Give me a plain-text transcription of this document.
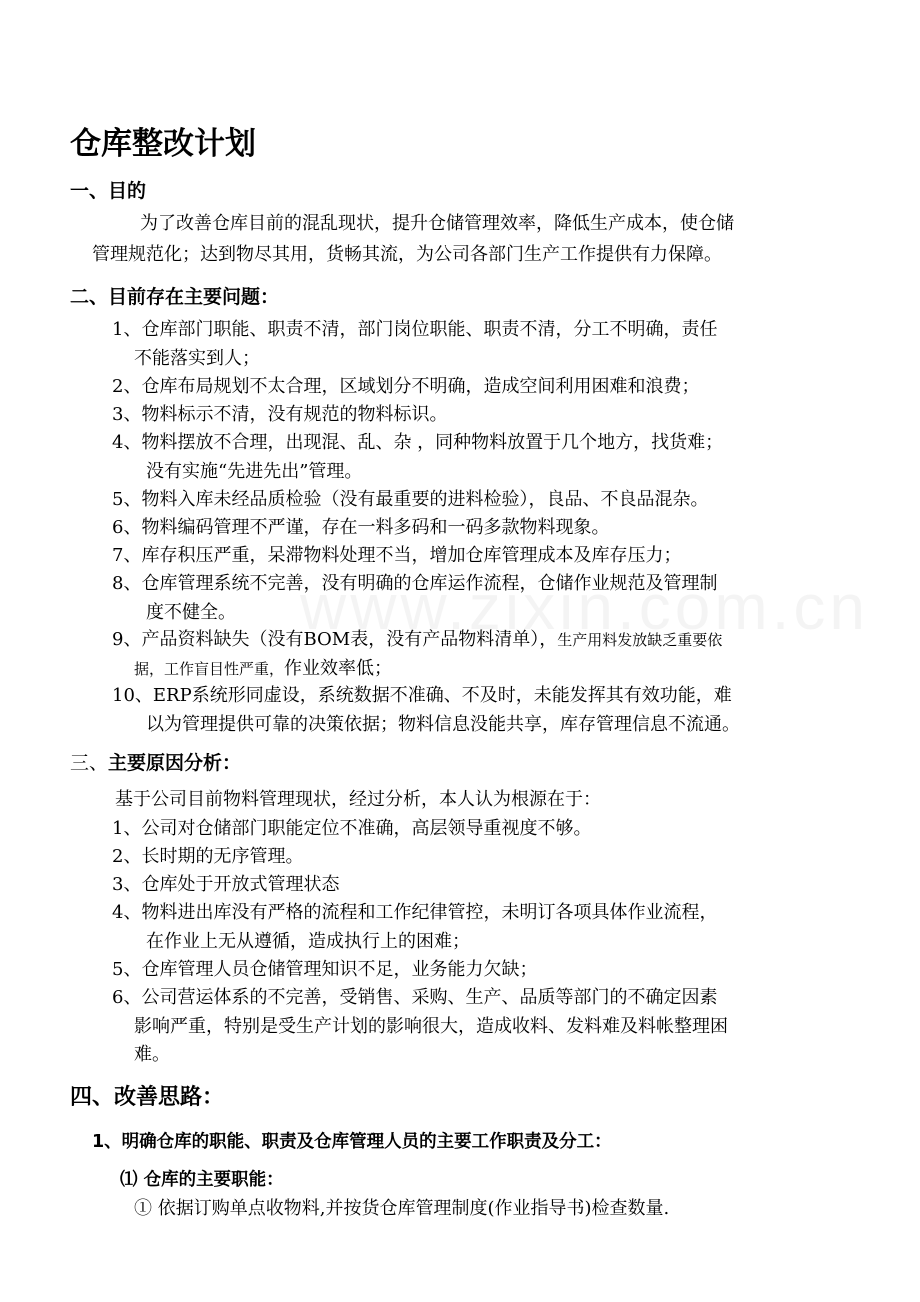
仓库整改计划
一、目的
为了改善仓库目前的混乱现状，提升仓储管理效率，降低生产成本，使仓储
管理规范化；达到物尽其用，货畅其流，为公司各部门生产工作提供有力保障。
二、目前存在主要问题：
1、仓库部门职能、职责不清，部门岗位职能、职责不清，分工不明确，责任
不能落实到人；
2、仓库布局规划不太合理，区域划分不明确，造成空间利用困难和浪费；
3、物料标示不清，没有规范的物料标识。
4、物料摆放不合理，出现混、乱、杂 ，同种物料放置于几个地方，找货难；
没有实施“先进先出”管理。
5、物料入库未经品质检验（没有最重要的进料检验），良品、不良品混杂。
6、物料编码管理不严谨，存在一料多码和一码多款物料现象。
7、库存积压严重，呆滞物料处理不当，增加仓库管理成本及库存压力；
8、仓库管理系统不完善，没有明确的仓库运作流程，仓储作业规范及管理制
度不健全。
9、产品资料缺失（没有BOM表，没有产品物料清单），生产用料发放缺乏重要依
据，工作盲目性严重，作业效率低；
10、ERP系统形同虚设，系统数据不准确、不及时，未能发挥其有效功能，难
以为管理提供可靠的决策依据；物料信息没能共享，库存管理信息不流通。
三、主要原因分析：
基于公司目前物料管理现状，经过分析，本人认为根源在于：
1、公司对仓储部门职能定位不准确，高层领导重视度不够。
2、长时期的无序管理。
3、仓库处于开放式管理状态
4、物料进出库没有严格的流程和工作纪律管控，未明订各项具体作业流程，
在作业上无从遵循，造成执行上的困难；
5、仓库管理人员仓储管理知识不足，业务能力欠缺；
6、公司营运体系的不完善，受销售、采购、生产、品质等部门的不确定因素
影响严重，特别是受生产计划的影响很大，造成收料、发料难及料帐整理困
难。
四、改善思路：
1、明确仓库的职能、职责及仓库管理人员的主要工作职责及分工：
⑴ 仓库的主要职能：
① 依据订购单点收物料,并按货仓库管理制度(作业指导书)检查数量.
